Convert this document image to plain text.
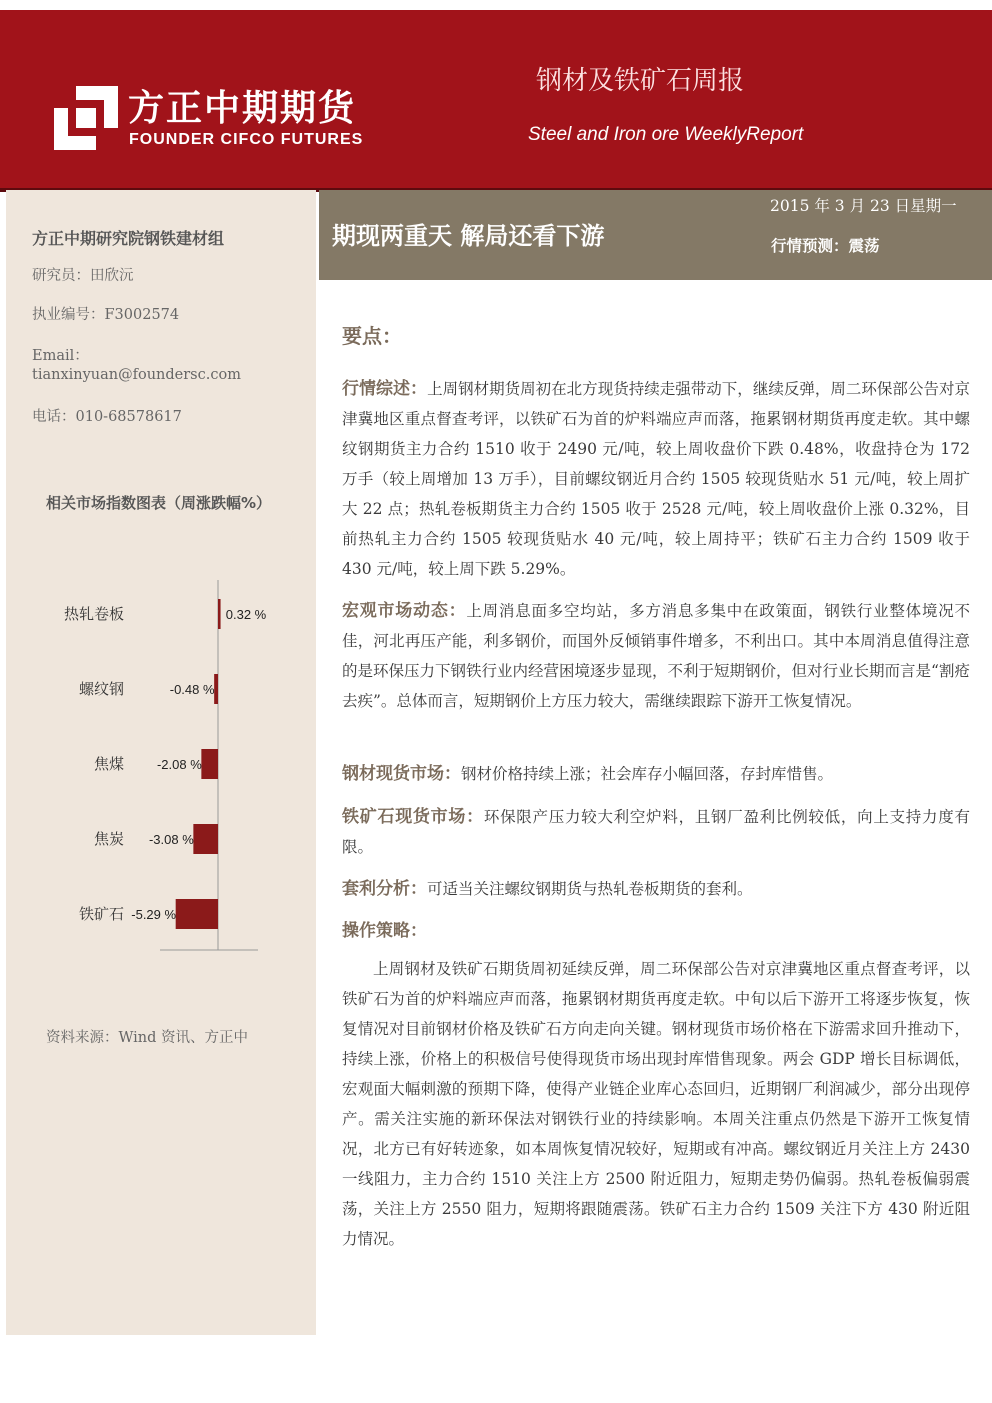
方正中期期货
FOUNDER CIFCO FUTURES
钢材及铁矿石周报
Steel and Iron ore WeeklyReport
方正中期研究院钢铁建材组
研究员：田欣沅
执业编号：F3002574
Email：
tianxinyuan@foundersc.com
电话：010-68578617
相关市场指数图表（周涨跌幅%）
热轧卷板	0.32 %
螺纹钢	-0.48 %
焦煤	-2.08 %
焦炭 -3.08 %
铁矿石 -5.29 %
资料来源：Wind 资讯、方正中
期现两重天 解局还看下游
2015 年 3 月 23 日星期一
行情预测：震荡
要点：
行情综述：上周钢材期货周初在北方现货持续走强带动下，继续反弹，周二环保部公告对京津冀地区重点督查考评，以铁矿石为首的炉料端应声而落，拖累钢材期货再度走软。其中螺纹钢期货主力合约 1510 收于 2490 元/吨，较上周收盘价下跌 0.48%，收盘持仓为 172 万手（较上周增加 13 万手），目前螺纹钢近月合约 1505 较现货贴水 51 元/吨，较上周扩大 22 点；热轧卷板期货主力合约 1505 收于 2528 元/吨，较上周收盘价上涨 0.32%，目前热轧主力合约 1505 较现货贴水 40 元/吨，较上周持平；铁矿石主力合约 1509 收于 430 元/吨，较上周下跌 5.29%。
宏观市场动态：上周消息面多空均站，多方消息多集中在政策面，钢铁行业整体境况不佳，河北再压产能，利多钢价，而国外反倾销事件增多，不利出口。其中本周消息值得注意的是环保压力下钢铁行业内经营困境逐步显现，不利于短期钢价，但对行业长期而言是“割疮去疾”。总体而言，短期钢价上方压力较大，需继续跟踪下游开工恢复情况。
钢材现货市场：钢材价格持续上涨；社会库存小幅回落，存封库惜售。
铁矿石现货市场：环保限产压力较大利空炉料，且钢厂盈利比例较低，向上支持力度有限。
套利分析：可适当关注螺纹钢期货与热轧卷板期货的套利。
操作策略：
上周钢材及铁矿石期货周初延续反弹，周二环保部公告对京津冀地区重点督查考评，以铁矿石为首的炉料端应声而落，拖累钢材期货再度走软。中旬以后下游开工将逐步恢复，恢复情况对目前钢材价格及铁矿石方向走向关键。钢材现货市场价格在下游需求回升推动下，持续上涨，价格上的积极信号使得现货市场出现封库惜售现象。两会 GDP 增长目标调低，宏观面大幅刺激的预期下降，使得产业链企业库心态回归，近期钢厂利润减少，部分出现停产。需关注实施的新环保法对钢铁行业的持续影响。本周关注重点仍然是下游开工恢复情况，北方已有好转迹象，如本周恢复情况较好，短期或有冲高。螺纹钢近月关注上方 2430 一线阻力，主力合约 1510 关注上方 2500 附近阻力，短期走势仍偏弱。热轧卷板偏弱震荡，关注上方 2550 阻力，短期将跟随震荡。铁矿石主力合约 1509 关注下方 430 附近阻力情况。
